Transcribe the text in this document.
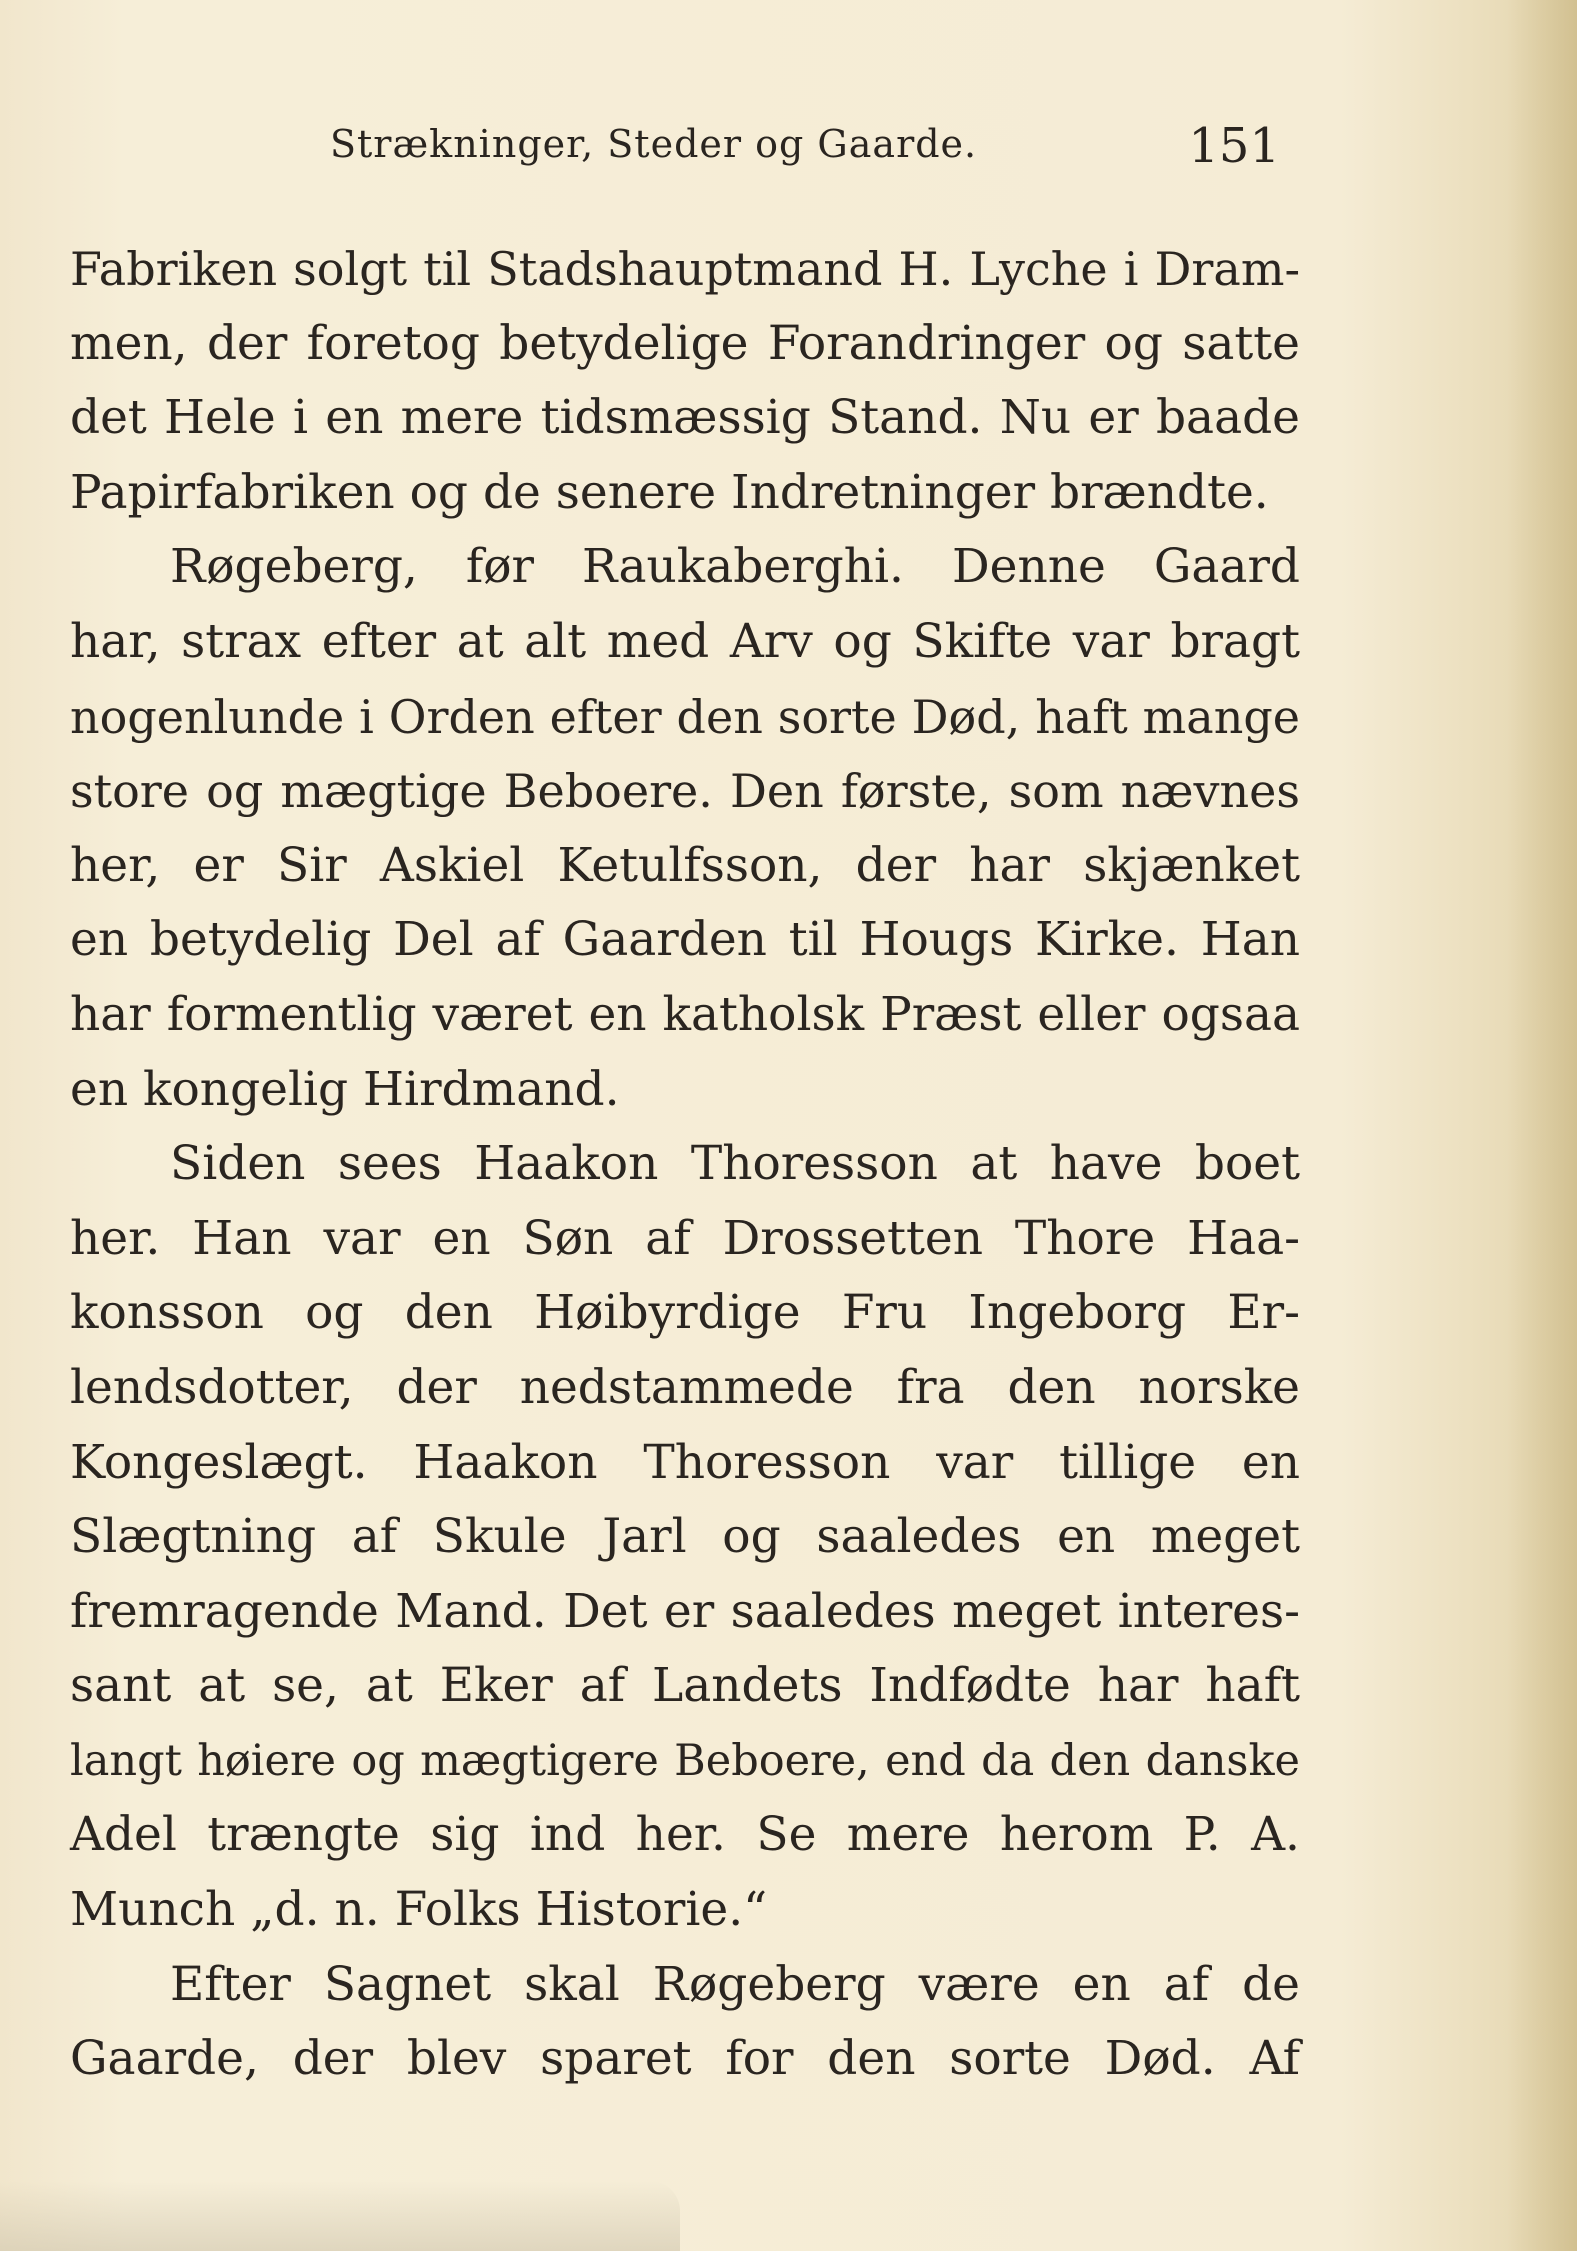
Strækninger, Steder og Gaarde.	151
Fabriken solgt til Stadshauptmand H. Lyche i Dram-
men, der foretog betydelige Forandringer og satte
det Hele i en mere tidsmæssig Stand. Nu er baade
Papirfabriken og de senere Indretninger brændte.
Røgeberg, før Raukaberghi. Denne Gaard
har, strax efter at alt med Arv og Skifte var bragt
nogenlunde i Orden efter den sorte Død, haft mange
store og mægtige Beboere. Den første, som nævnes
her, er Sir Askiel Ketulfsson, der har skjænket
en betydelig Del af Gaarden til Hougs Kirke. Han
har formentlig været en katholsk Præst eller ogsaa
en kongelig Hirdmand.
Siden sees Haakon Thoresson at have boet
her. Han var en Søn af Drossetten Thore Haa-
konsson og den Høibyrdige Fru Ingeborg Er-
lendsdotter, der nedstammede fra den norske
Kongeslægt. Haakon Thoresson var tillige en
Slægtning af Skule Jarl og saaledes en meget
fremragende Mand. Det er saaledes meget interes-
sant at se, at Eker af Landets Indfødte har haft
langt høiere og mægtigere Beboere, end da den danske
Adel trængte sig ind her. Se mere herom P. A.
Munch „d. n. Folks Historie.“
Efter Sagnet skal Røgeberg være en af de
Gaarde, der blev sparet for den sorte Død. Af
